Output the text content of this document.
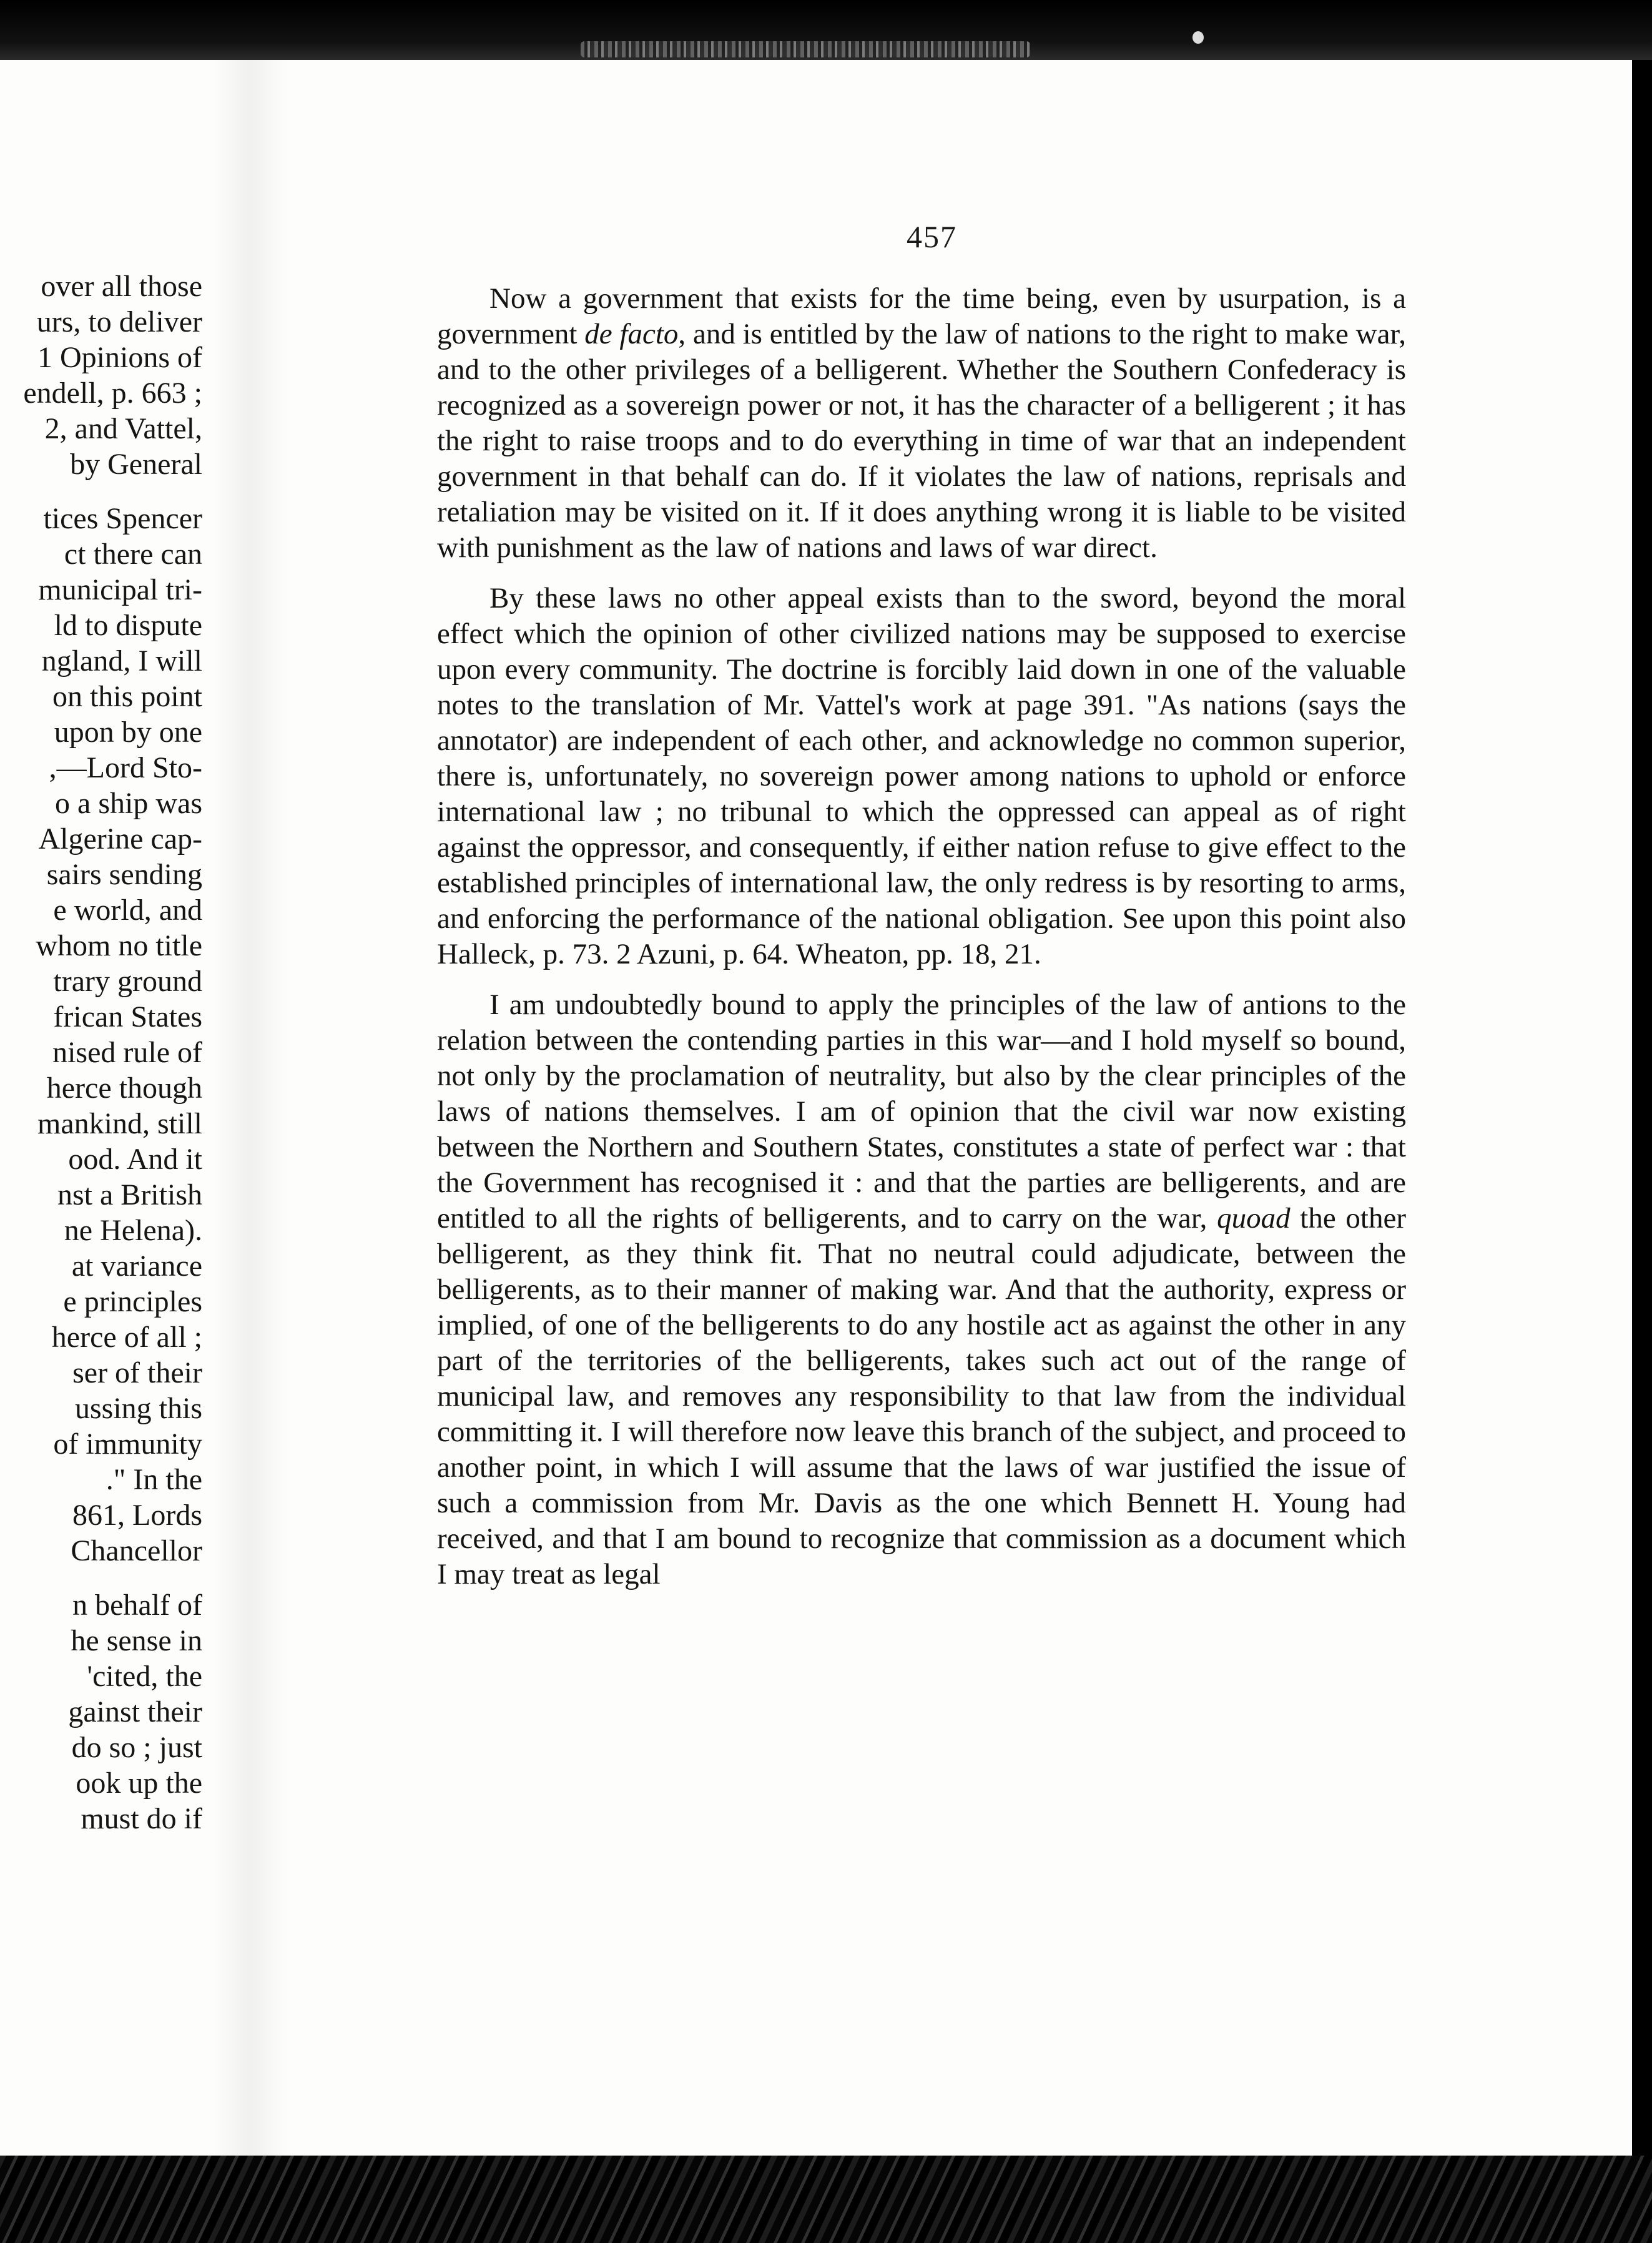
over all those
urs, to deliver
1 Opinions of
endell, p. 663 ;
2, and Vattel,
by General
tices Spencer
ct there can
municipal tri-
ld to dispute
ngland, I will
on this point
upon by one
,—Lord Sto-
o a ship was
Algerine cap-
sairs sending
e world, and
whom no title
trary ground
frican States
nised rule of
herce though
mankind, still
ood. And it
nst a British
ne Helena).
at variance
e principles
herce of all ;
ser of their
ussing this
of immunity
." In the
861, Lords
Chancellor
n behalf of
he sense in
'cited, the
gainst their
do so ; just
ook up the
must do if
457

Now a government that exists for the time being, even by usurpation, is a government de facto, and is entitled by the law of nations to the right to make war, and to the other privileges of a belligerent. Whether the Southern Confederacy is recognized as a sovereign power or not, it has the character of a belligerent ; it has the right to raise troops and to do everything in time of war that an independent government in that behalf can do. If it violates the law of nations, reprisals and retaliation may be visited on it. If it does anything wrong it is liable to be visited with punishment as the law of nations and laws of war direct.

By these laws no other appeal exists than to the sword, beyond the moral effect which the opinion of other civilized nations may be supposed to exercise upon every community. The doctrine is forcibly laid down in one of the valuable notes to the translation of Mr. Vattel's work at page 391. "As nations (says the annotator) are independent of each other, and acknowledge no common superior, there is, unfortunately, no sovereign power among nations to uphold or enforce international law ; no tribunal to which the oppressed can appeal as of right against the oppressor, and consequently, if either nation refuse to give effect to the established principles of international law, the only redress is by resorting to arms, and enforcing the performance of the national obligation. See upon this point also Halleck, p. 73. 2 Azuni, p. 64. Wheaton, pp. 18, 21.

I am undoubtedly bound to apply the principles of the law of antions to the relation between the contending parties in this war—and I hold myself so bound, not only by the proclamation of neutrality, but also by the clear principles of the laws of nations themselves. I am of opinion that the civil war now existing between the Northern and Southern States, constitutes a state of perfect war : that the Government has recognised it : and that the parties are belligerents, and are entitled to all the rights of belligerents, and to carry on the war, quoad the other belligerent, as they think fit. That no neutral could adjudicate, between the belligerents, as to their manner of making war. And that the authority, express or implied, of one of the belligerents to do any hostile act as against the other in any part of the territories of the belligerents, takes such act out of the range of municipal law, and removes any responsibility to that law from the individual committing it. I will therefore now leave this branch of the subject, and proceed to another point, in which I will assume that the laws of war justified the issue of such a commission from Mr. Davis as the one which Bennett H. Young had received, and that I am bound to recognize that commission as a document which I may treat as legal
